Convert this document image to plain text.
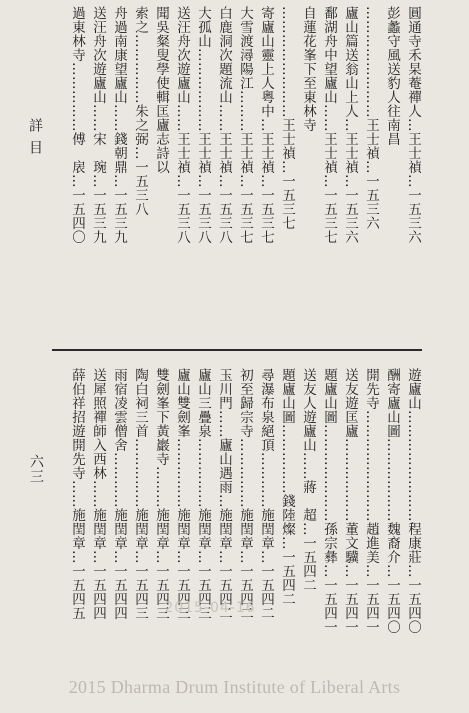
圓通寺禾杲菴禪人…王士禎…一五三六
彭蠡守風送豹人往南昌
……………………王士禎…一五三六
廬山篇送翁山上人…王士禎…一五三六
鄱湖舟中望廬山……王士禎…一五三七
自蓮花峯下至東林寺
……………………王士禎…一五三七
寄廬山靈上人粵中…王士禎…一五三七
大雪渡潯陽江………王士禎…一五三七
白鹿洞次題流山……王士禎…一五三八
大孤山………………王士禎…一五三八
送汪舟次遊廬山……王士禎…一五三八
聞吳粲叟學使輯匡廬志詩以
索之……………朱之弼…一五三八
舟過南康望廬山……錢朝鼎…一五三九
送汪舟次遊廬山……宋　琬…一五三九
過東林寺……………傅　扆…一五四〇
遊廬山……………………程康莊…一五四〇
酬寄廬山圖………………魏裔介…一五四〇
開先寺……………………趙進美…一五四一
送友遊匡廬………………董文驥…一五四一
題廬山圖…………………孫宗彝…一五四一
送友人遊廬山……蔣　超…一五四二
題廬山圖……………錢陸燦…一五四二
尋瀑布泉絕頂…………施閏章…一五四二
初至歸宗寺……………施閏章…一五四二
玉川門……廬山遇雨…施閏章…一五四二
廬山三疊泉……………施閏章…一五四三
廬山雙劍峯……………施閏章…一五四三
雙劍峯下黃巖寺………施閏章…一五四三
陶白祠三首……………施閏章…一五四三
雨宿凌雲僧舍…………施閏章…一五四四
送犀照禪師入西林……施閏章…一五四四
薛伯祥招遊開先寺……施閏章…一五四五
詳目
六三
2015-04-16
2015 Dharma Drum Institute of Liberal Arts
